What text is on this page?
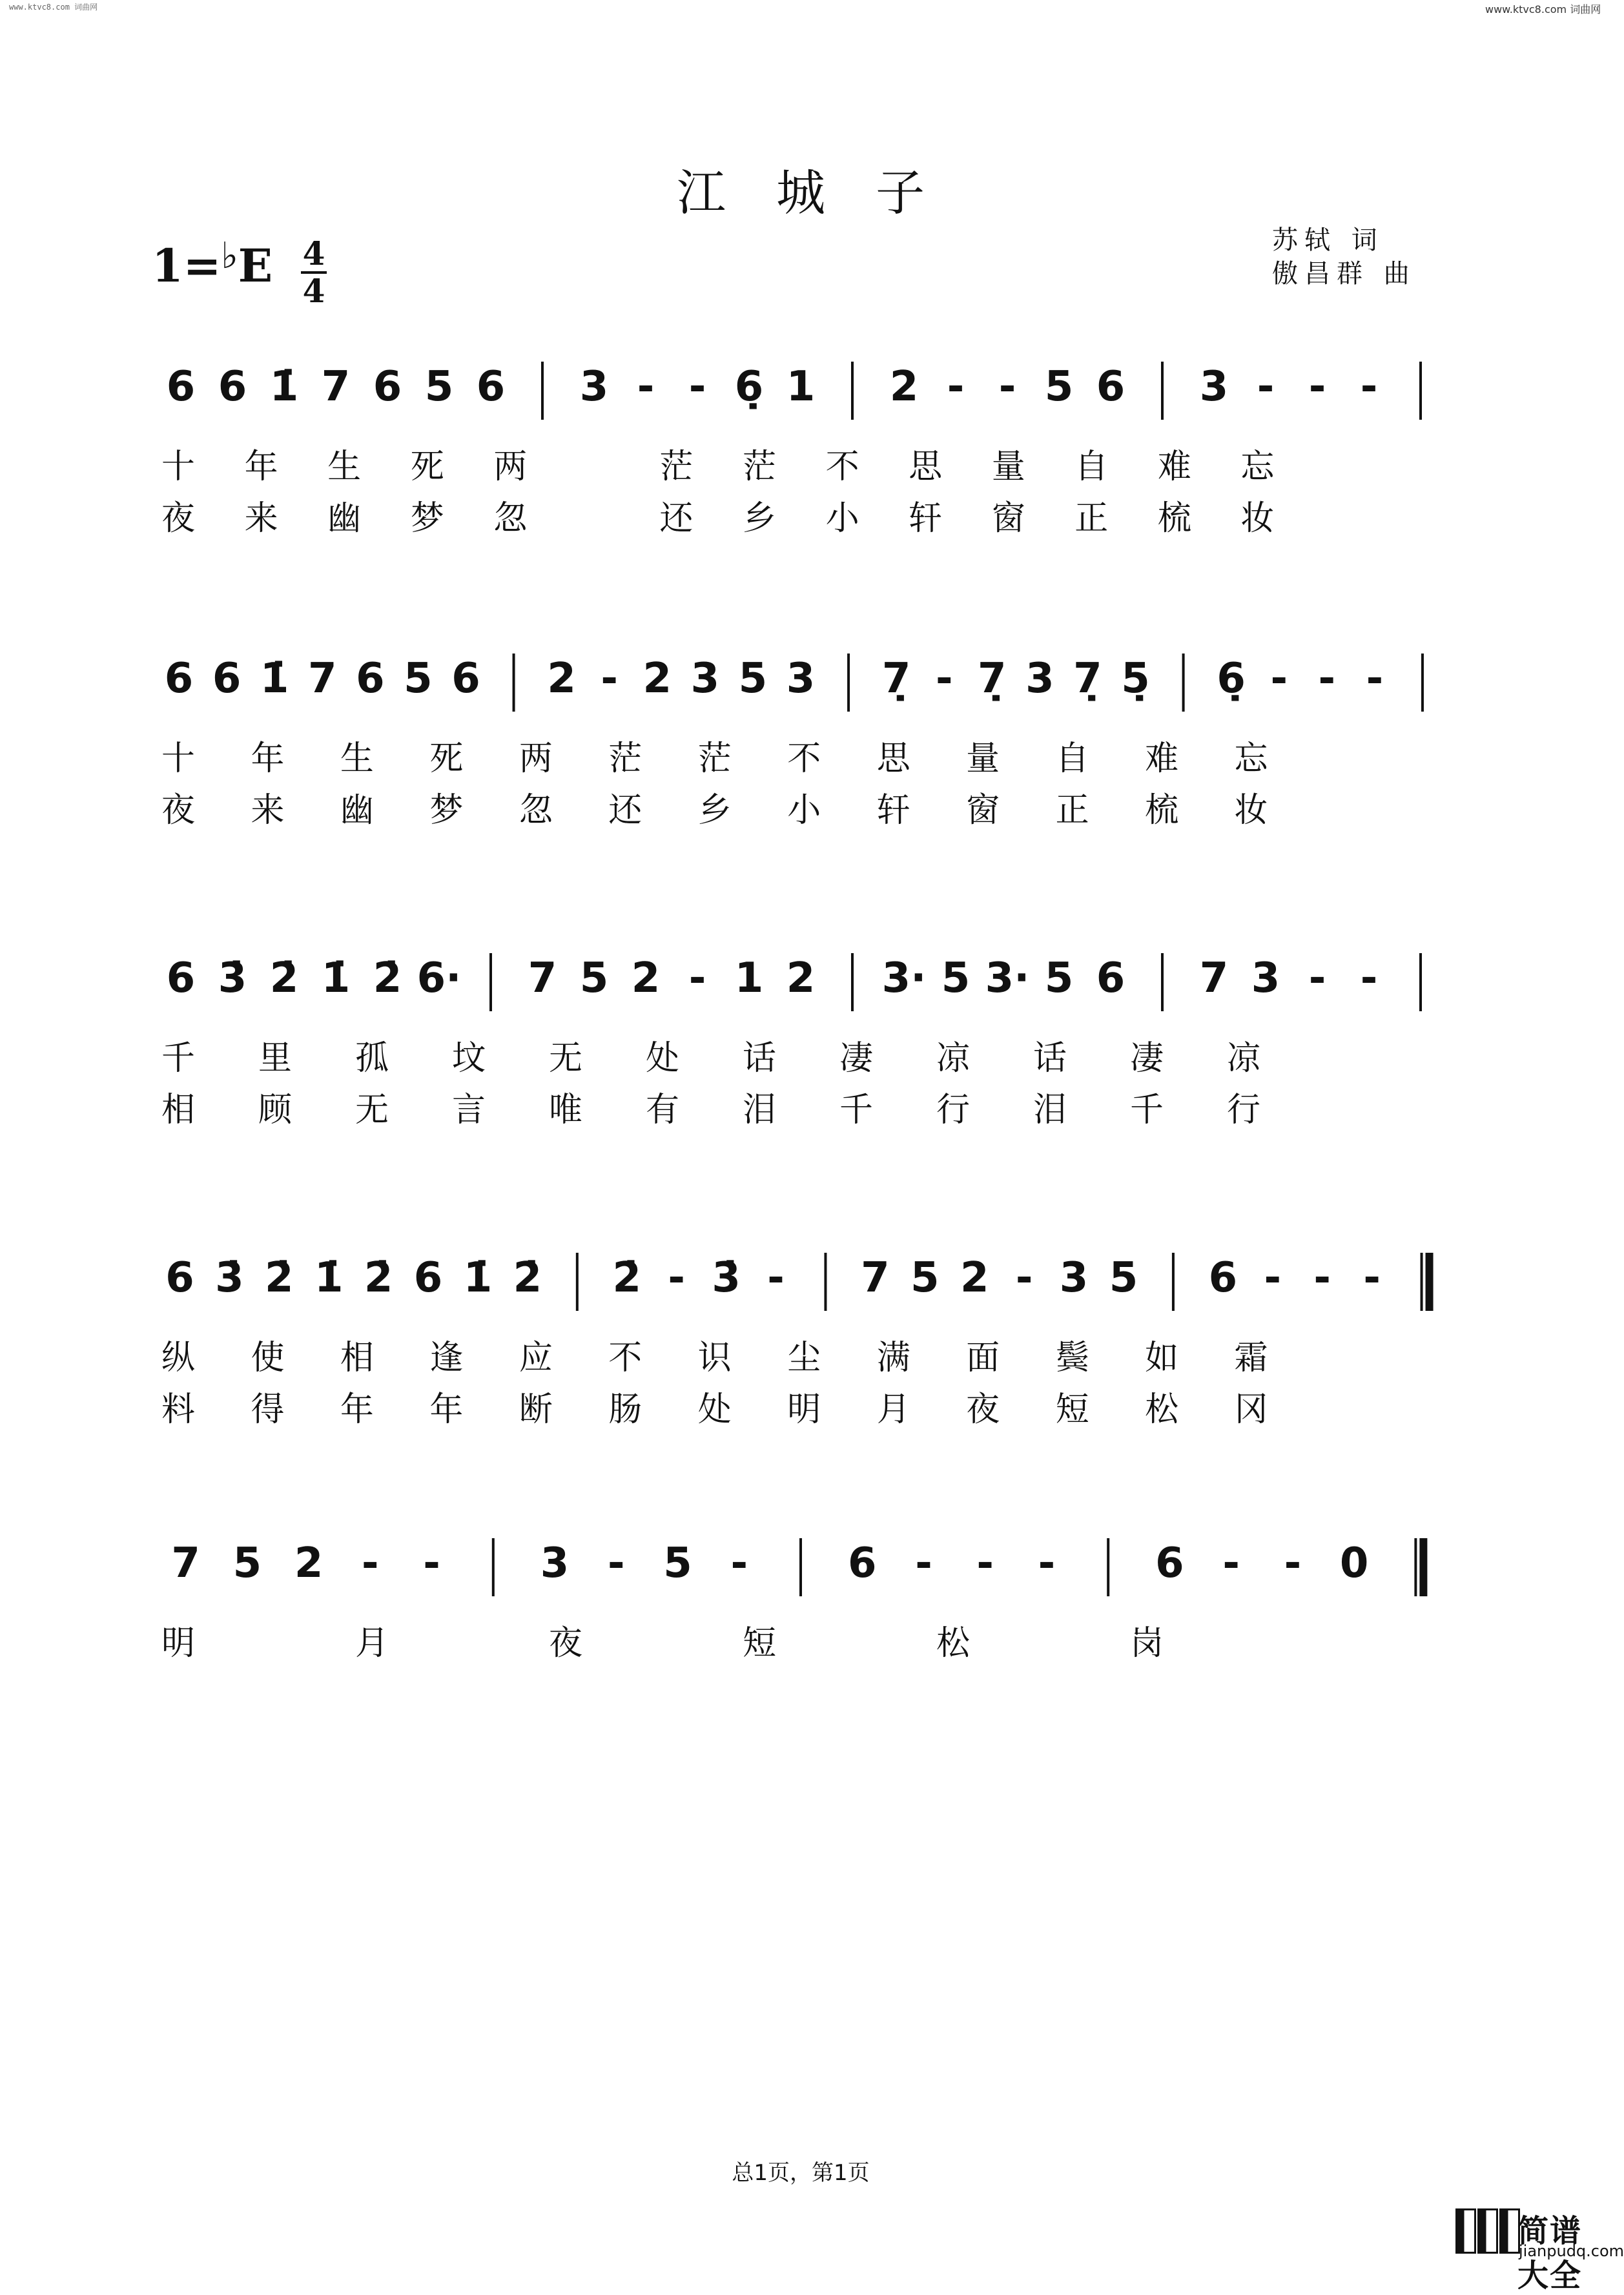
www.ktvc8.com 词曲网	www.ktvc8.com 词曲网
江城子
1=♭E 4
4
苏轼 词
傲昌群 曲
6 6 1̇ 7 6 5 6 3 - - 6̣ 1 2 - - 5 6 3 - - -
十 年 生 死 两	茫 茫 不 思 量 自 难 忘
夜 来 幽 梦 忽	还 乡 小 轩 窗 正 梳 妆
6 6 1̇ 7 6 5 6 2 - 2 3 5 3 7̣ - 7̣ 3 7̣ 5̣ 6̣ - - -
十 年 生 死 两 茫 茫 不 思 量 自 难 忘
夜 来 幽 梦 忽 还 乡 小 轩 窗 正 梳 妆
6 3̇ 2̇ 1̇ 2̇ 6· 7 5 2 - 1 2 3· 5 3· 5 6 7 3 - -
千 里 孤 坟 无 处 话 凄 凉 话 凄 凉
相 顾 无 言 唯 有 泪 千 行 泪 千 行
6 3̇ 2̇ 1̇ 2̇ 6 1̇ 2̇ 2̇ - 3̇ - 7 5 2 - 3 5 6 - - -
纵 使 相 逢 应 不 识 尘 满 面 鬓 如 霜
料 得 年 年 断 肠 处 明 月 夜 短 松 冈
7 5 2 - - 3 - 5 - 6 - - - 6 - - 0
明	月	夜	短	松	岗
总1页，第1页
简谱大全
jianpudq.com
